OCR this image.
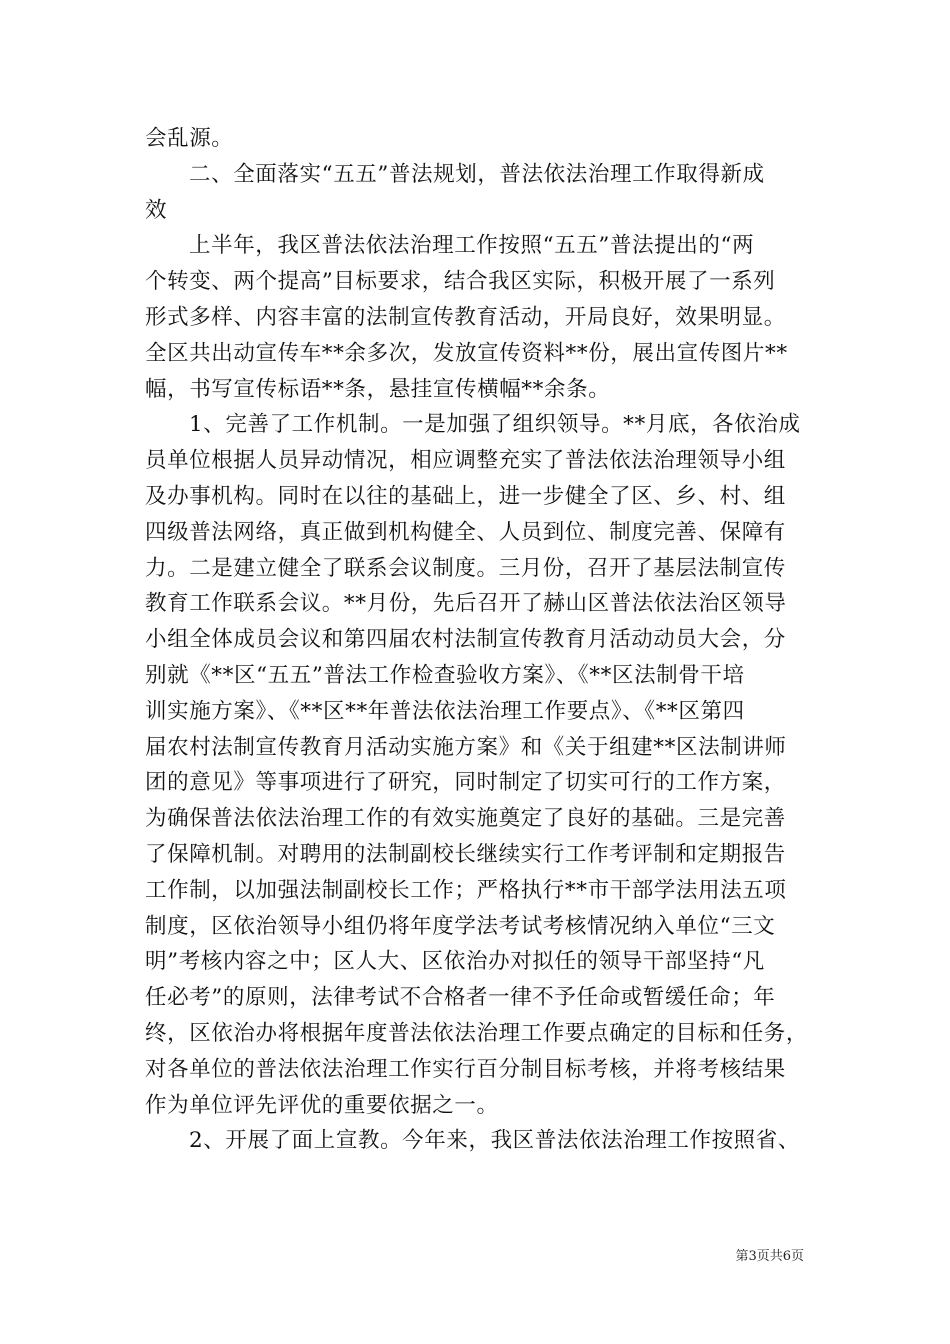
会乱源。
二、全面落实“五五”普法规划，普法依法治理工作取得新成
效
上半年，我区普法依法治理工作按照“五五”普法提出的“两
个转变、两个提高”目标要求，结合我区实际，积极开展了一系列
形式多样、内容丰富的法制宣传教育活动，开局良好，效果明显。
全区共出动宣传车**余多次，发放宣传资料**份，展出宣传图片**
幅，书写宣传标语**条，悬挂宣传横幅**余条。
1、完善了工作机制。一是加强了组织领导。**月底，各依治成
员单位根据人员异动情况，相应调整充实了普法依法治理领导小组
及办事机构。同时在以往的基础上，进一步健全了区、乡、村、组
四级普法网络，真正做到机构健全、人员到位、制度完善、保障有
力。二是建立健全了联系会议制度。三月份，召开了基层法制宣传
教育工作联系会议。**月份，先后召开了赫山区普法依法治区领导
小组全体成员会议和第四届农村法制宣传教育月活动动员大会，分
别就《**区“五五”普法工作检查验收方案》、《**区法制骨干培
训实施方案》、《**区**年普法依法治理工作要点》、《**区第四
届农村法制宣传教育月活动实施方案》和《关于组建**区法制讲师
团的意见》等事项进行了研究，同时制定了切实可行的工作方案，
为确保普法依法治理工作的有效实施奠定了良好的基础。三是完善
了保障机制。对聘用的法制副校长继续实行工作考评制和定期报告
工作制，以加强法制副校长工作；严格执行**市干部学法用法五项
制度，区依治领导小组仍将年度学法考试考核情况纳入单位“三文
明”考核内容之中；区人大、区依治办对拟任的领导干部坚持“凡
任必考”的原则，法律考试不合格者一律不予任命或暂缓任命；年
终，区依治办将根据年度普法依法治理工作要点确定的目标和任务，
对各单位的普法依法治理工作实行百分制目标考核，并将考核结果
作为单位评先评优的重要依据之一。
2、开展了面上宣教。今年来，我区普法依法治理工作按照省、
第3页共6页
